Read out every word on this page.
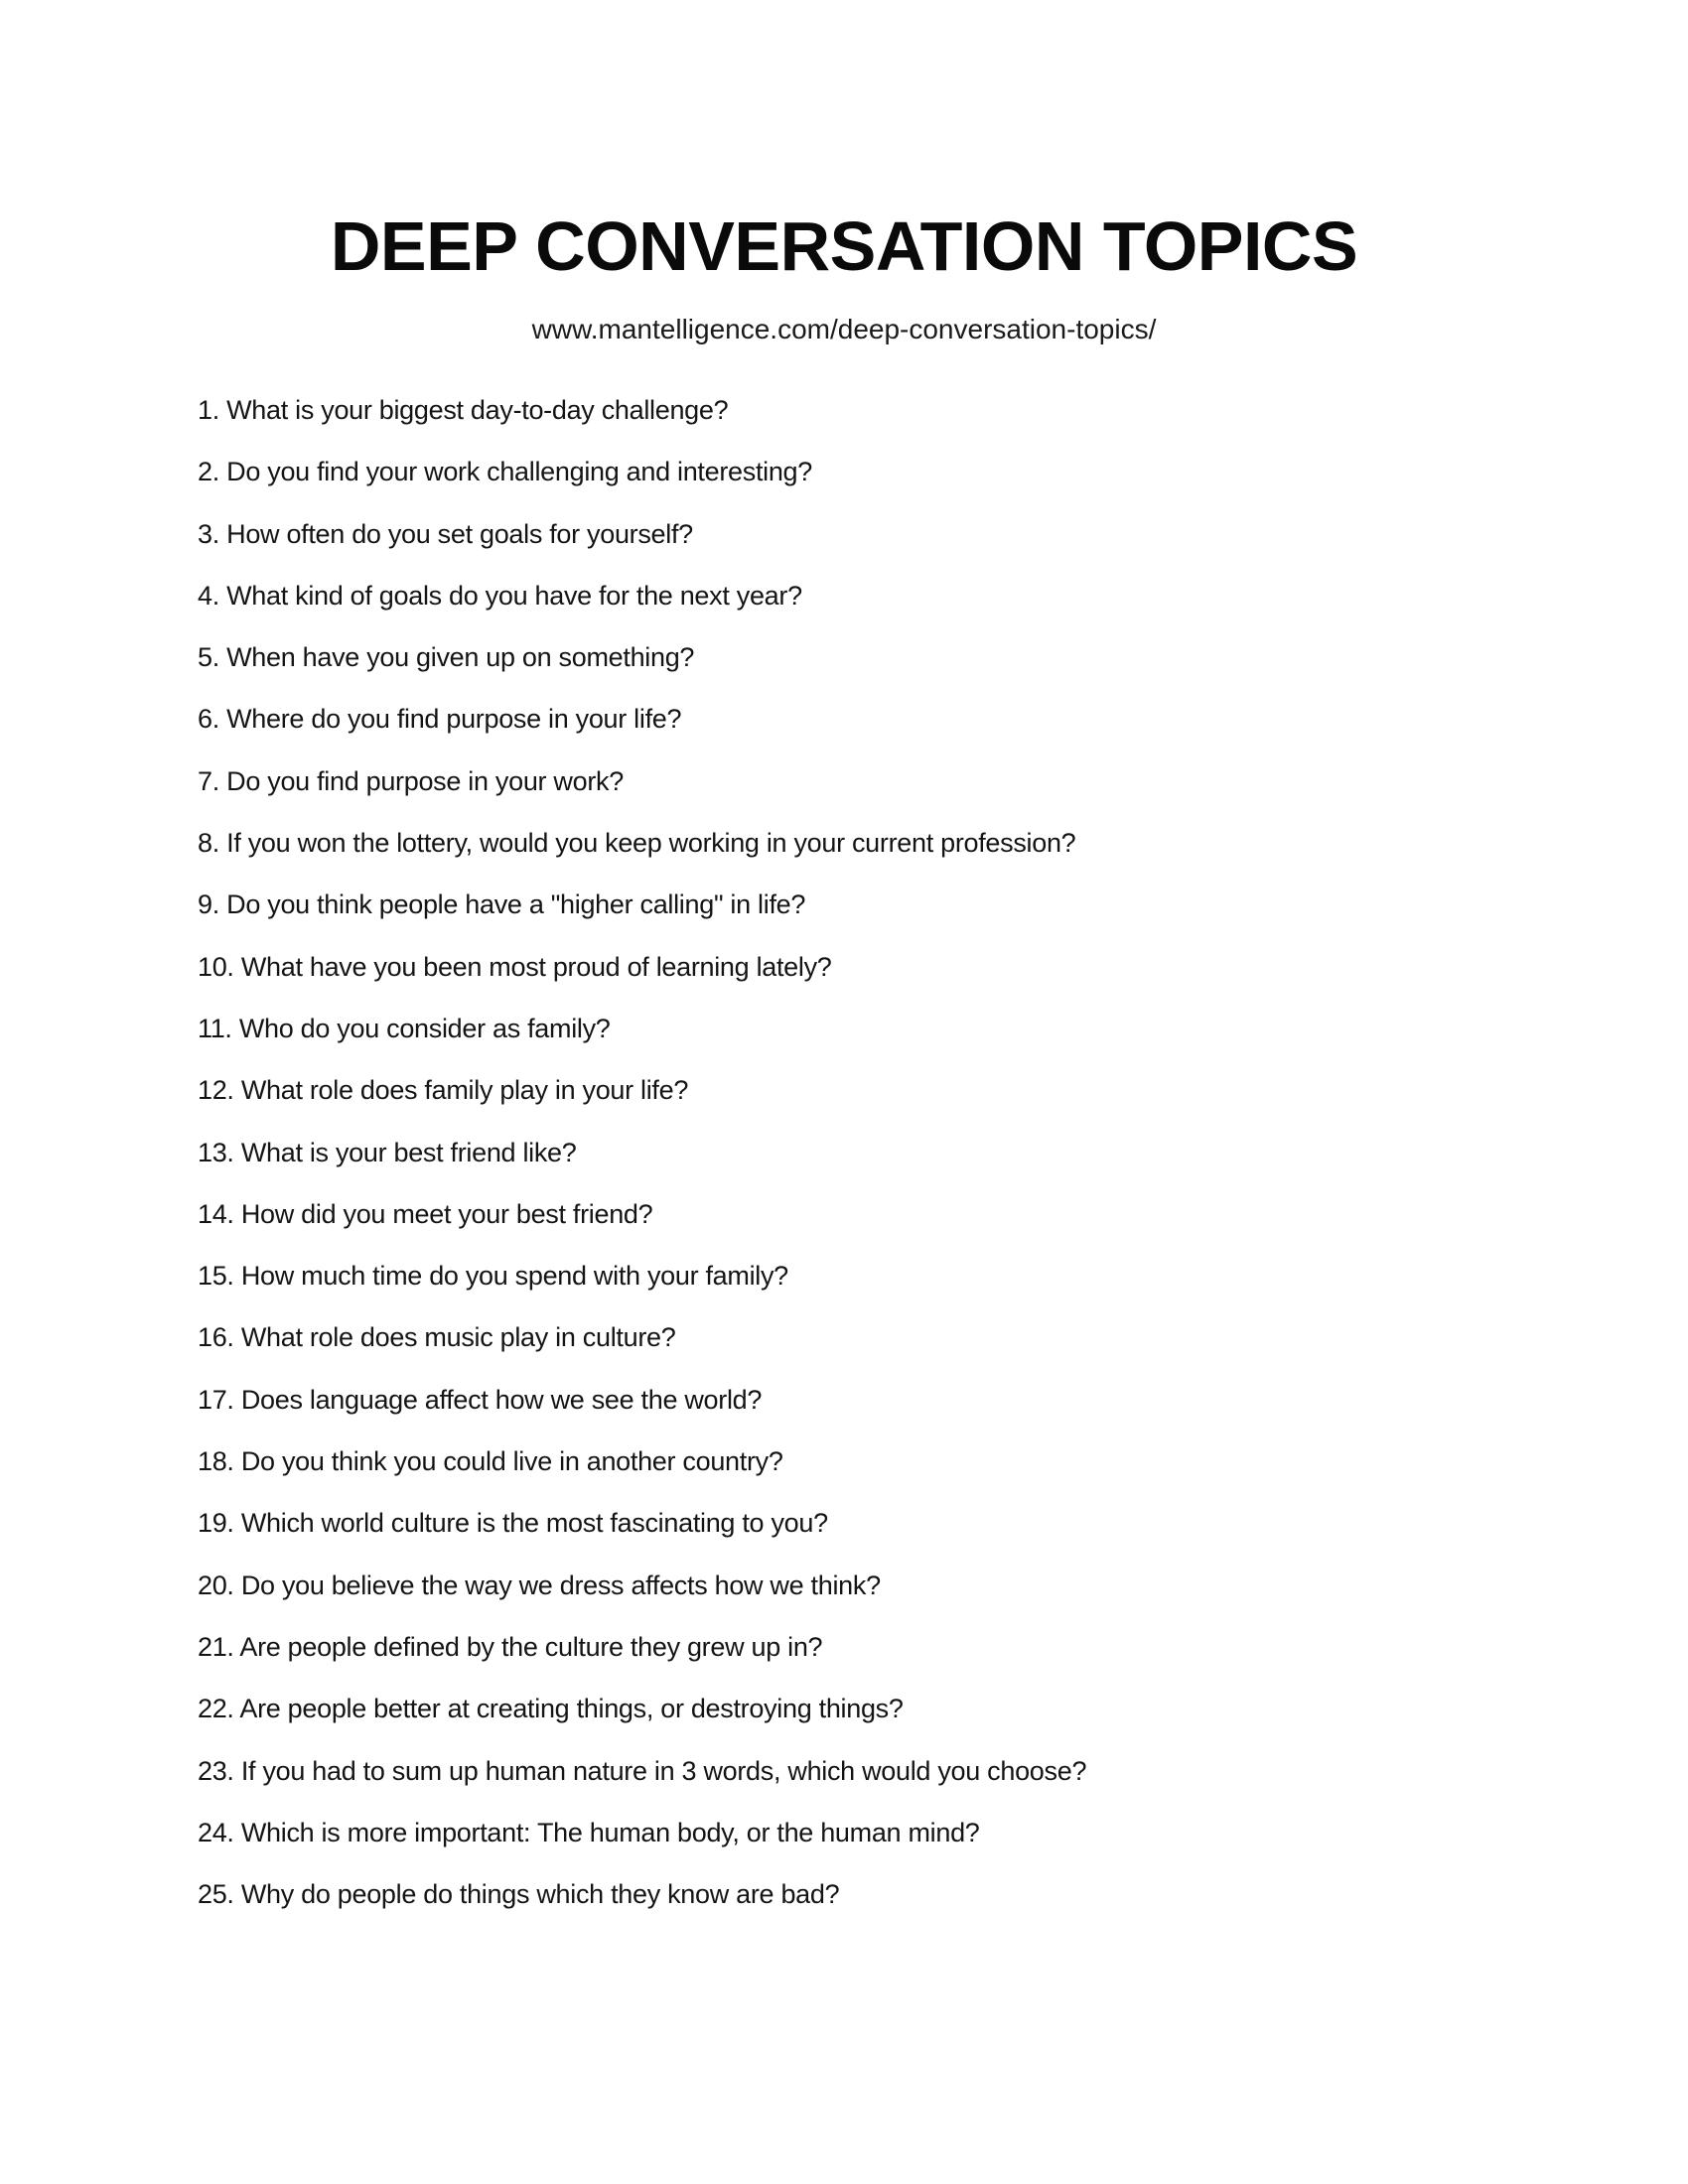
DEEP CONVERSATION TOPICS

www.mantelligence.com/deep-conversation-topics/

1. What is your biggest day-to-day challenge?
2. Do you find your work challenging and interesting?
3. How often do you set goals for yourself?
4. What kind of goals do you have for the next year?
5. When have you given up on something?
6. Where do you find purpose in your life?
7. Do you find purpose in your work?
8. If you won the lottery, would you keep working in your current profession?
9. Do you think people have a "higher calling" in life?
10. What have you been most proud of learning lately?
11. Who do you consider as family?
12. What role does family play in your life?
13. What is your best friend like?
14. How did you meet your best friend?
15. How much time do you spend with your family?
16. What role does music play in culture?
17. Does language affect how we see the world?
18. Do you think you could live in another country?
19. Which world culture is the most fascinating to you?
20. Do you believe the way we dress affects how we think?
21. Are people defined by the culture they grew up in?
22. Are people better at creating things, or destroying things?
23. If you had to sum up human nature in 3 words, which would you choose?
24. Which is more important: The human body, or the human mind?
25. Why do people do things which they know are bad?
